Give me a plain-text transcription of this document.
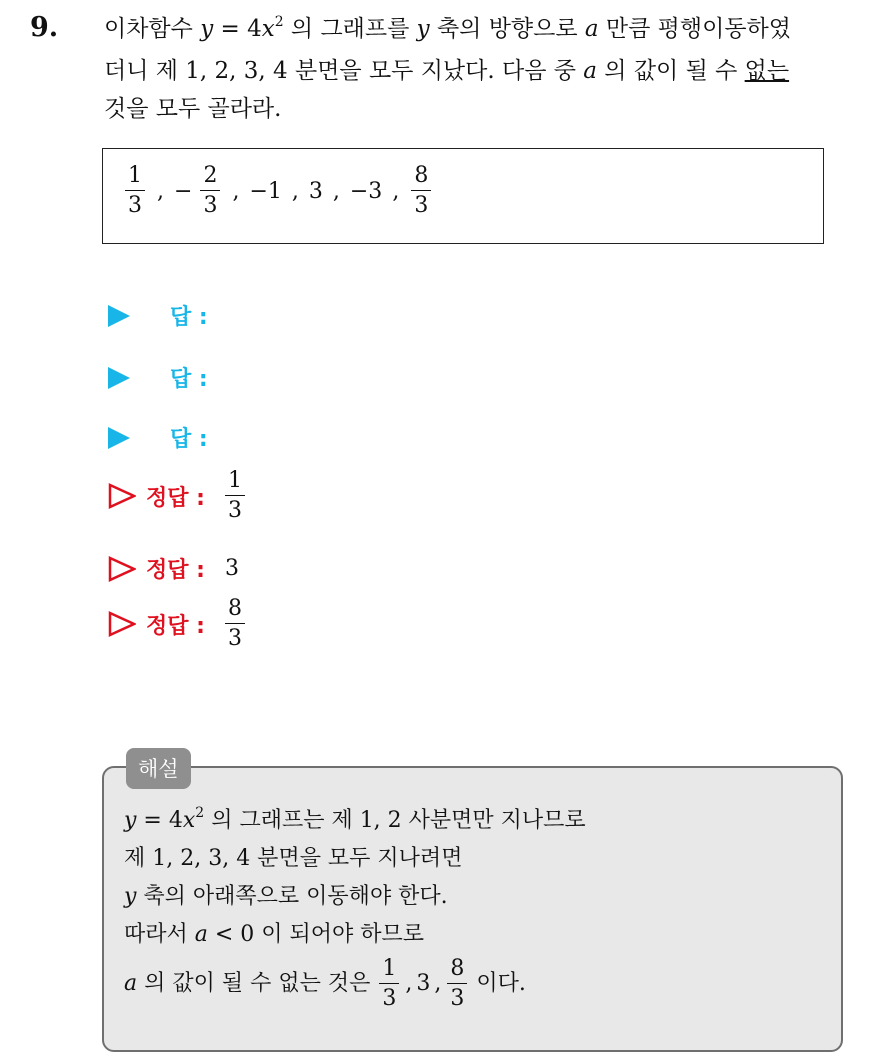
9. 이차함수 $y = 4x^2$ 의 그래프를 y 축의 방향으로 a 만큼 평행이동하였
더니 제 1, 2, 3, 4 분면을 모두 지났다. 다음 중 a 의 값이 될 수 없는
것을 모두 골라라.
$\frac{1}{3}$ , − $\frac{2}{3}$ , −1 , 3 , −3 , $\frac{8}{3}$
답 :
답 :
답 :
정답 : $\frac{1}{3}$
정답 : 3
정답 : $\frac{8}{3}$
해설
$y = 4x^2$ 의 그래프는 제 1, 2 사분면만 지나므로
제 1, 2, 3, 4 분면을 모두 지나려면
y 축의 아래쪽으로 이동해야 한다.
따라서 a < 0 이 되어야 하므로
a 의 값이 될 수 없는 것은 $\frac{1}{3}$ , 3 , $\frac{8}{3}$ 이다.
